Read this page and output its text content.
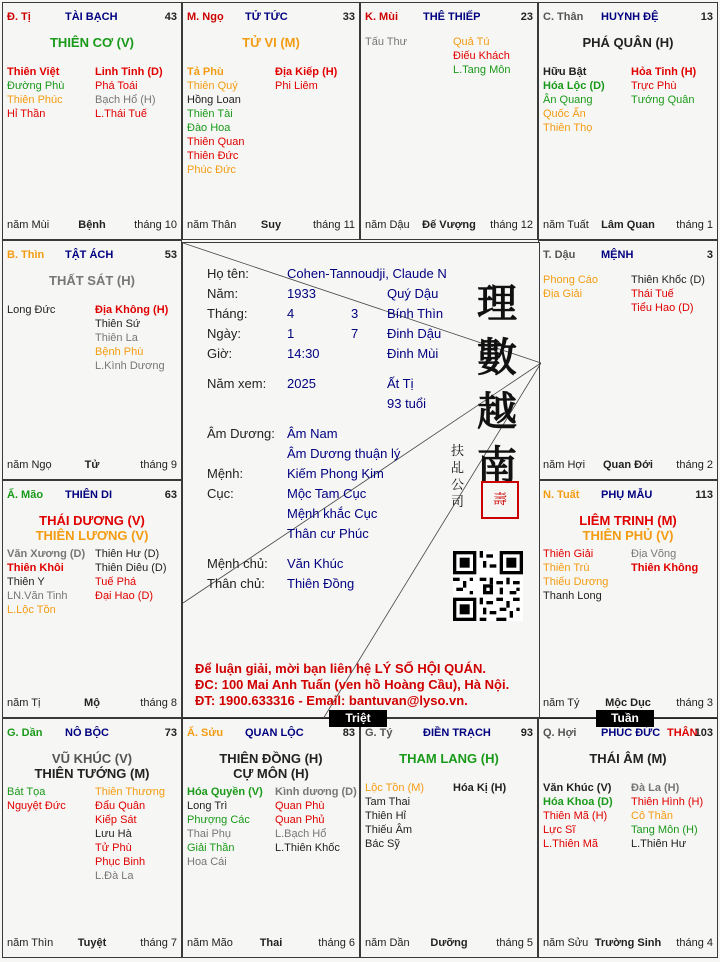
Đ. Tị	TÀI BẠCH	43
THIÊN CƠ (V)
Thiên Việt
Đường Phù
Thiên Phúc
Hỉ Thần
Linh Tinh (D)
Phá Toái
Bạch Hổ (H)
L.Thái Tuế
năm Mùi	Bệnh	tháng 10
M. Ngọ TỬ TỨC	33
TỬ VI (M)
Tả Phù
Thiên Quý
Hồng Loan
Thiên Tài
Đào Hoa
Thiên Quan
Thiên Đức
Phúc Đức
Địa Kiếp (H)
Phi Liêm
năm Thân	Suy	tháng 11
K. Mùi THÊ THIẾP	23
Tấu Thư	Quả Tú
Điếu Khách
L.Tang Môn
năm Dậu	Đế Vượng	tháng 12
C. Thân HUYNH ĐỆ	13
PHÁ QUÂN (H)
Hữu Bật
Hóa Lộc (D)
Ân Quang
Quốc Ấn
Thiên Thọ
Hỏa Tinh (H)
Trực Phù
Tướng Quân
năm Tuất	Lâm Quan	tháng 1
B. Thìn TẬT ÁCH	53
THẤT SÁT (H)
Long Đức	Địa Không (H)
Thiên Sứ
Thiên La
Bệnh Phù
L.Kình Dương
năm Ngọ	Tử	tháng 9
T. Dậu MỆNH	3
Phong Cáo
Địa Giải
Thiên Khốc (D)
Thái Tuế
Tiểu Hao (D)
năm Hợi	Quan Đới	tháng 2
Ấ. Mão THIÊN DI	63
THÁI DƯƠNG (V)
THIÊN LƯƠNG (V)
Văn Xương (D)
Thiên Khôi
Thiên Y
LN.Văn Tinh
L.Lộc Tồn
Thiên Hư (D)
Thiên Diêu (D)
Tuế Phá
Đại Hao (D)
năm Tị	Mộ	tháng 8
N. Tuất PHỤ MẪU	113
LIÊM TRINH (M)
THIÊN PHỦ (V)
Thiên Giải
Thiên Trù
Thiếu Dương
Thanh Long
Địa Võng
Thiên Không
năm Tý	Mộc Dục	tháng 3
G. Dần NÔ BỘC	73
VŨ KHÚC (V)
THIÊN TƯỚNG (M)
Bát Tọa
Nguyệt Đức
Thiên Thương
Đẩu Quân
Kiếp Sát
Lưu Hà
Tử Phù
Phục Binh
L.Đà La
năm Thìn	Tuyệt	tháng 7
Ấ. Sửu QUAN LỘC	83
THIÊN ĐỒNG (H)
CỰ MÔN (H)
Hóa Quyền (V)
Long Trì
Phượng Các
Thai Phụ
Giải Thần
Hoa Cái
Kình dương (D)
Quan Phù
Quan Phủ
L.Bạch Hổ
L.Thiên Khốc
năm Mão	Thai	tháng 6
G. Tý	ĐIỀN TRẠCH	93
THAM LANG (H)
Lộc Tồn (M)
Tam Thai
Thiên Hỉ
Thiếu Âm
Bác Sỹ
Hóa Kị (H)
năm Dần	Dưỡng	tháng 5
Q. Hợi PHÚC ĐỨC THÂN
103
THÁI ÂM (M)
Văn Khúc (V)
Hóa Khoa (D)
Thiên Mã (H)
Lực Sĩ
L.Thiên Mã
Đà La (H)
Thiên Hình (H)
Cô Thần
Tang Môn (H)
L.Thiên Hư
năm Sửu Trường Sinh	tháng 4
Họ tên:	Cohen-Tannoudji, Claude N
Năm:	1933	Quý Dậu
Tháng:	4	3 Bính Thìn
Ngày:	1	7 Đinh Dậu
Giờ:	14:30	Đinh Mùi
Năm xem: 2025	Ất Tị
93 tuổi
Âm Dương: Âm Nam
Âm Dương thuận lý
Mệnh:	Kiếm Phong Kim
Cục:	Mộc Tam Cục
Mệnh khắc Cục
Thân cư Phúc
Mệnh chủ: Văn Khúc
Thân chủ: Thiên Đồng
理
數
越
南
扶
乩
公
司	壽
Để luận giải, mời bạn liên hệ LÝ SỐ HỘI QUÁN.
ĐC: 100 Mai Anh Tuấn (ven hồ Hoàng Cầu), Hà Nội.
ĐT: 1900.633316 - Email: bantuvan@lyso.vn.
Triệt	Tuần
